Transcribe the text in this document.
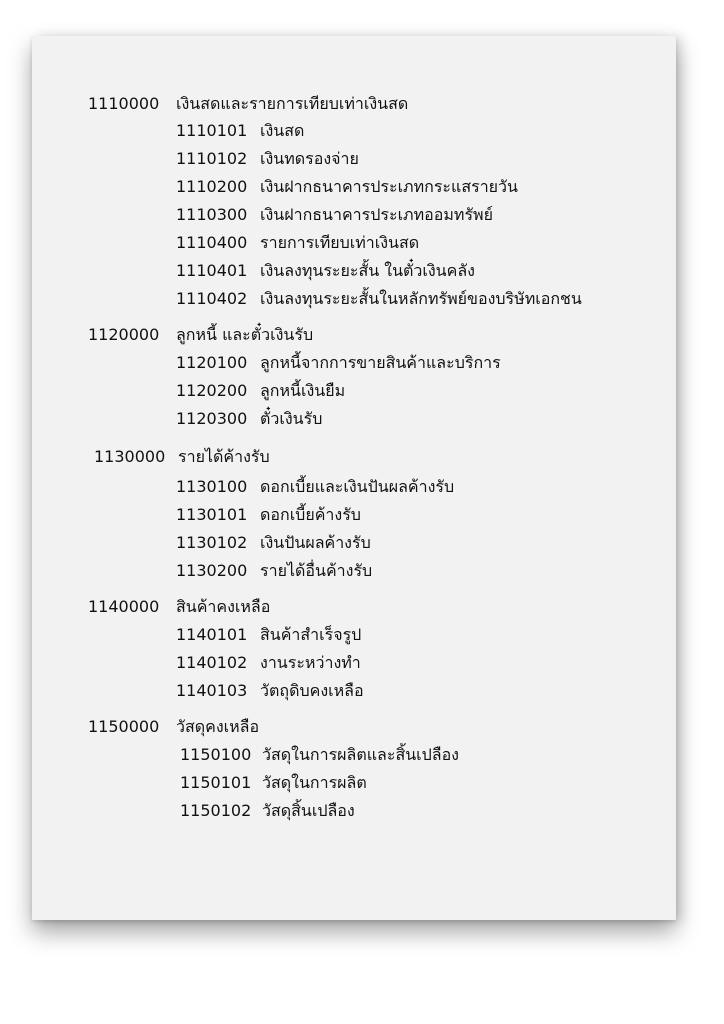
1110000	เงินสดและรายการเทียบเท่าเงินสด
1110101 เงินสด
1110102 เงินทดรองจ่าย
1110200 เงินฝากธนาคารประเภทกระแสรายวัน
1110300 เงินฝากธนาคารประเภทออมทรัพย์
1110400 รายการเทียบเท่าเงินสด
1110401 เงินลงทุนระยะสั้น ในตั๋วเงินคลัง
1110402 เงินลงทุนระยะสั้นในหลักทรัพย์ของบริษัทเอกชน
1120000	ลูกหนี้ และตั๋วเงินรับ
1120100 ลูกหนี้จากการขายสินค้าและบริการ
1120200 ลูกหนี้เงินยืม
1120300 ตั๋วเงินรับ
1130000 รายได้ค้างรับ
1130100 ดอกเบี้ยและเงินปันผลค้างรับ
1130101 ดอกเบี้ยค้างรับ
1130102 เงินปันผลค้างรับ
1130200 รายได้อื่นค้างรับ
1140000	สินค้าคงเหลือ
1140101 สินค้าสำเร็จรูป
1140102 งานระหว่างทำ
1140103 วัตถุดิบคงเหลือ
1150000	วัสดุคงเหลือ
1150100 วัสดุในการผลิตและสิ้นเปลือง
1150101 วัสดุในการผลิต
1150102 วัสดุสิ้นเปลือง
